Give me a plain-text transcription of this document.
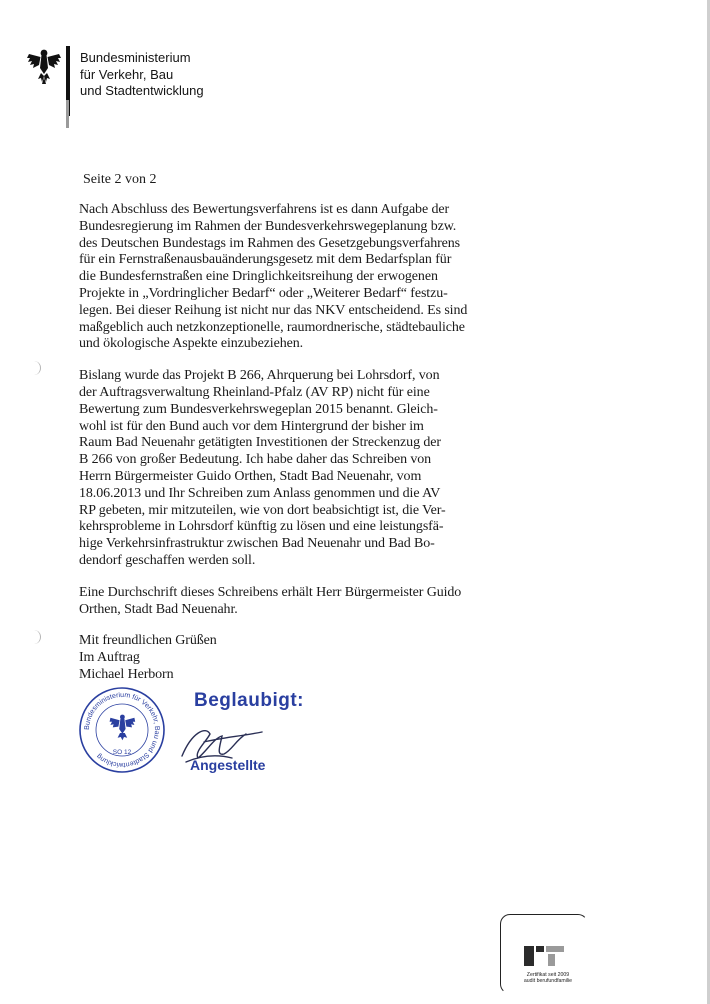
Bundesministerium
für Verkehr, Bau
und Stadtentwicklung
Seite 2 von 2

Nach Abschluss des Bewertungsverfahrens ist es dann Aufgabe der
Bundesregierung im Rahmen der Bundesverkehrswegeplanung bzw.
des Deutschen Bundestags im Rahmen des Gesetzgebungsverfahrens
für ein Fernstraßenausbauänderungsgesetz mit dem Bedarfsplan für
die Bundesfernstraßen eine Dringlichkeitsreihung der erwogenen
Projekte in „Vordringlicher Bedarf“ oder „Weiterer Bedarf“ festzu-
legen. Bei dieser Reihung ist nicht nur das NKV entscheidend. Es sind
maßgeblich auch netzkonzeptionelle, raumordnerische, städtebauliche
und ökologische Aspekte einzubeziehen.

Bislang wurde das Projekt B 266, Ahrquerung bei Lohrsdorf, von
der Auftragsverwaltung Rheinland-Pfalz (AV RP) nicht für eine
Bewertung zum Bundesverkehrswegeplan 2015 benannt. Gleich-
wohl ist für den Bund auch vor dem Hintergrund der bisher im
Raum Bad Neuenahr getätigten Investitionen der Streckenzug der
B 266 von großer Bedeutung. Ich habe daher das Schreiben von
Herrn Bürgermeister Guido Orthen, Stadt Bad Neuenahr, vom
18.06.2013 und Ihr Schreiben zum Anlass genommen und die AV
RP gebeten, mir mitzuteilen, wie von dort beabsichtigt ist, die Ver-
kehrsprobleme in Lohrsdorf künftig zu lösen und eine leistungsfä-
hige Verkehrsinfrastruktur zwischen Bad Neuenahr und Bad Bo-
dendorf geschaffen werden soll.

Eine Durchschrift dieses Schreibens erhält Herr Bürgermeister Guido
Orthen, Stadt Bad Neuenahr.

Mit freundlichen Grüßen
Im Auftrag
Michael Herborn

Bundesministerium für Verkehr, Bau und Stadtentwicklung	SO 12
Beglaubigt:
Angestellte
Zertifikat seit 2009
audit berufundfamilie
